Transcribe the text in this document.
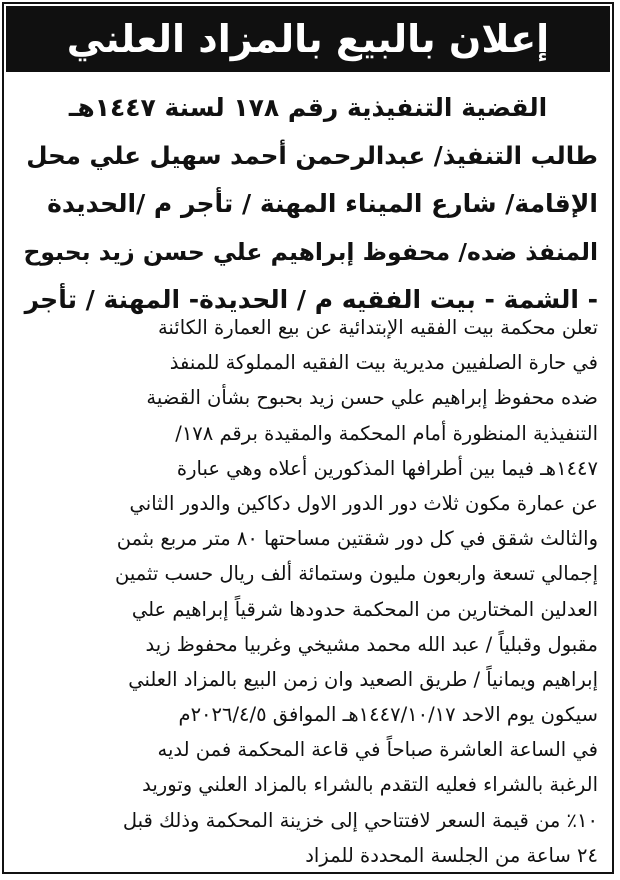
إعلان بالبيع بالمزاد العلني
القضية التنفيذية رقم ١٧٨ لسنة ١٤٤٧هـ
طالب التنفيذ/ عبدالرحمن أحمد سهيل علي محل
الإقامة/ شارع الميناء المهنة / تأجر م /الحديدة
المنفذ ضده/ محفوظ إبراهيم علي حسن زيد بحبوح
- الشمة - بيت الفقيه م / الحديدة- المهنة / تأجر
تعلن محكمة بيت الفقيه الإبتدائية عن بيع العمارة الكائنة
في حارة الصلفيين مديرية بيت الفقيه المملوكة للمنفذ
ضده محفوظ إبراهيم علي حسن زيد بحبوح بشأن القضية
التنفيذية المنظورة أمام المحكمة والمقيدة برقم ١٧٨/
١٤٤٧هـ فيما بين أطرافها المذكورين أعلاه وهي عبارة
عن عمارة مكون ثلاث دور الدور الاول دكاكين والدور الثاني
والثالث شقق في كل دور شقتين مساحتها ٨٠ متر مربع بثمن
إجمالي تسعة واربعون مليون وستمائة ألف ريال حسب تثمين
العدلين المختارين من المحكمة حدودها شرقياً إبراهيم علي
مقبول وقبلياً / عبد الله محمد مشيخي وغربيا محفوظ زيد
إبراهيم ويمانياً / طريق الصعيد وان زمن البيع بالمزاد العلني
سيكون يوم الاحد ١٤٤٧/١٠/١٧هـ الموافق ٢٠٢٦/٤/٥م
في الساعة العاشرة صباحاً في قاعة المحكمة فمن لديه
الرغبة بالشراء فعليه التقدم بالشراء بالمزاد العلني وتوريد
١٠٪ من قيمة السعر لافتتاحي إلى خزينة المحكمة وذلك قبل
٢٤ ساعة من الجلسة المحددة للمزاد
